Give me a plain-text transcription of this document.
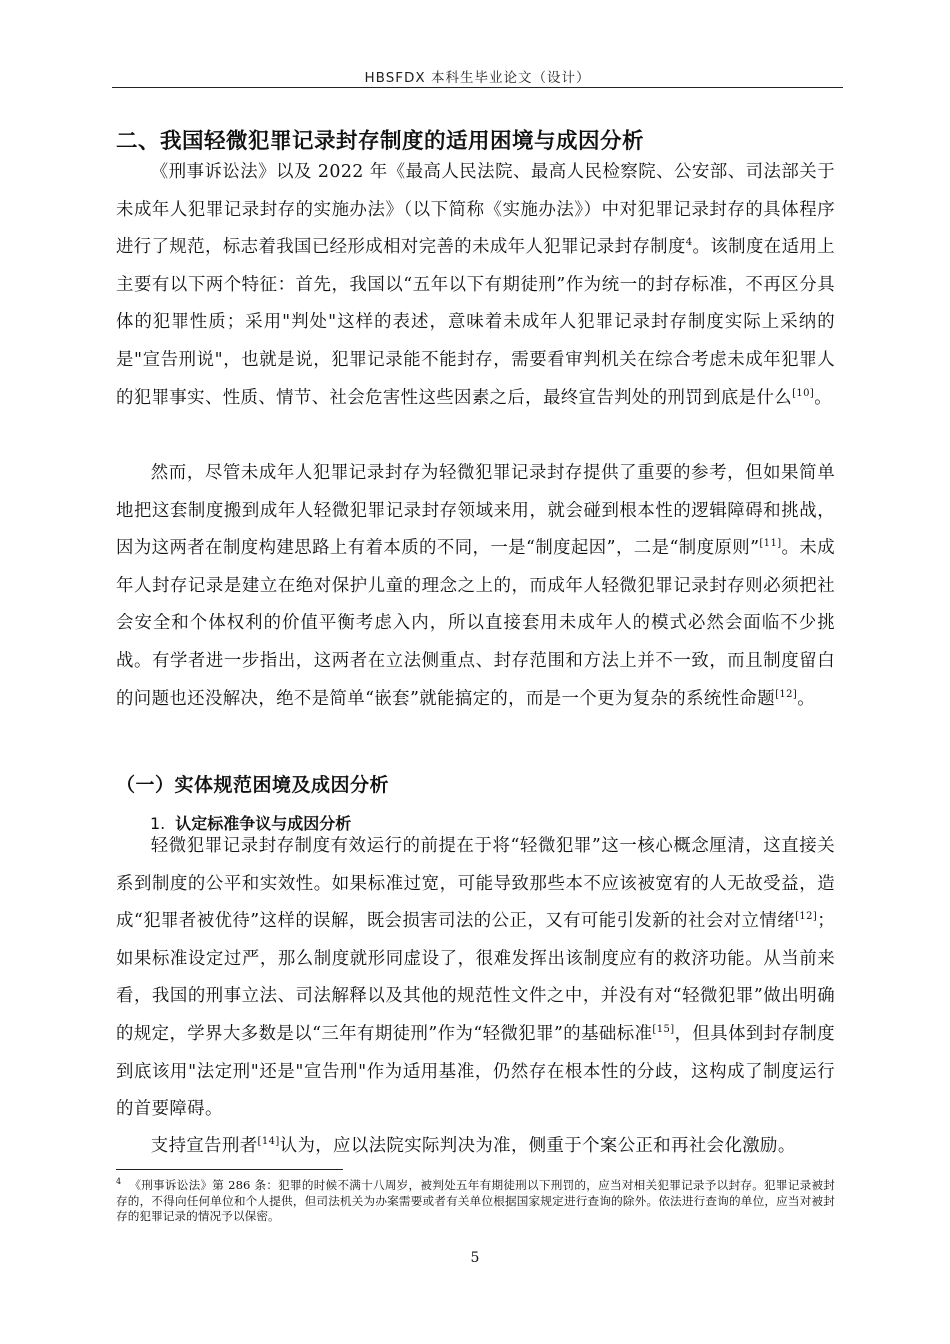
HBSFDX 本科生毕业论文（设计）
二、我国轻微犯罪记录封存制度的适用困境与成因分析

《刑事诉讼法》以及 2022 年《最高人民法院、最高人民检察院、公安部、司法部关于未成年人犯罪记录封存的实施办法》（以下简称《实施办法》）中对犯罪记录封存的具体程序进行了规范，标志着我国已经形成相对完善的未成年人犯罪记录封存制度$^4$。该制度在适用上主要有以下两个特征：首先，我国以“五年以下有期徒刑”作为统一的封存标准，不再区分具体的犯罪性质；采用"判处"这样的表述，意味着未成年人犯罪记录封存制度实际上采纳的是"宣告刑说"，也就是说，犯罪记录能不能封存，需要看审判机关在综合考虑未成年犯罪人的犯罪事实、性质、情节、社会危害性这些因素之后，最终宣告判处的刑罚到底是什么[10]。

然而，尽管未成年人犯罪记录封存为轻微犯罪记录封存提供了重要的参考，但如果简单地把这套制度搬到成年人轻微犯罪记录封存领域来用，就会碰到根本性的逻辑障碍和挑战，因为这两者在制度构建思路上有着本质的不同，一是“制度起因”，二是“制度原则”[11]。未成年人封存记录是建立在绝对保护儿童的理念之上的，而成年人轻微犯罪记录封存则必须把社会安全和个体权利的价值平衡考虑入内，所以直接套用未成年人的模式必然会面临不少挑战。有学者进一步指出，这两者在立法侧重点、封存范围和方法上并不一致，而且制度留白的问题也还没解决，绝不是简单“嵌套”就能搞定的，而是一个更为复杂的系统性命题[12]。

（一）实体规范困境及成因分析
1. 认定标准争议与成因分析

轻微犯罪记录封存制度有效运行的前提在于将“轻微犯罪”这一核心概念厘清，这直接关系到制度的公平和实效性。如果标准过宽，可能导致那些本不应该被宽宥的人无故受益，造成“犯罪者被优待”这样的误解，既会损害司法的公正，又有可能引发新的社会对立情绪[12]；如果标准设定过严，那么制度就形同虚设了，很难发挥出该制度应有的救济功能。从当前来看，我国的刑事立法、司法解释以及其他的规范性文件之中，并没有对“轻微犯罪”做出明确的规定，学界大多数是以“三年有期徒刑”作为“轻微犯罪”的基础标准[15]，但具体到封存制度到底该用"法定刑"还是"宣告刑"作为适用基准，仍然存在根本性的分歧，这构成了制度运行的首要障碍。

支持宣告刑者[14]认为，应以法院实际判决为准，侧重于个案公正和再社会化激励。

$^4$ 《刑事诉讼法》第 286 条：犯罪的时候不满十八周岁，被判处五年有期徒刑以下刑罚的，应当对相关犯罪记录予以封存。犯罪记录被封存的，不得向任何单位和个人提供，但司法机关为办案需要或者有关单位根据国家规定进行查询的除外。依法进行查询的单位，应当对被封存的犯罪记录的情况予以保密。
5
